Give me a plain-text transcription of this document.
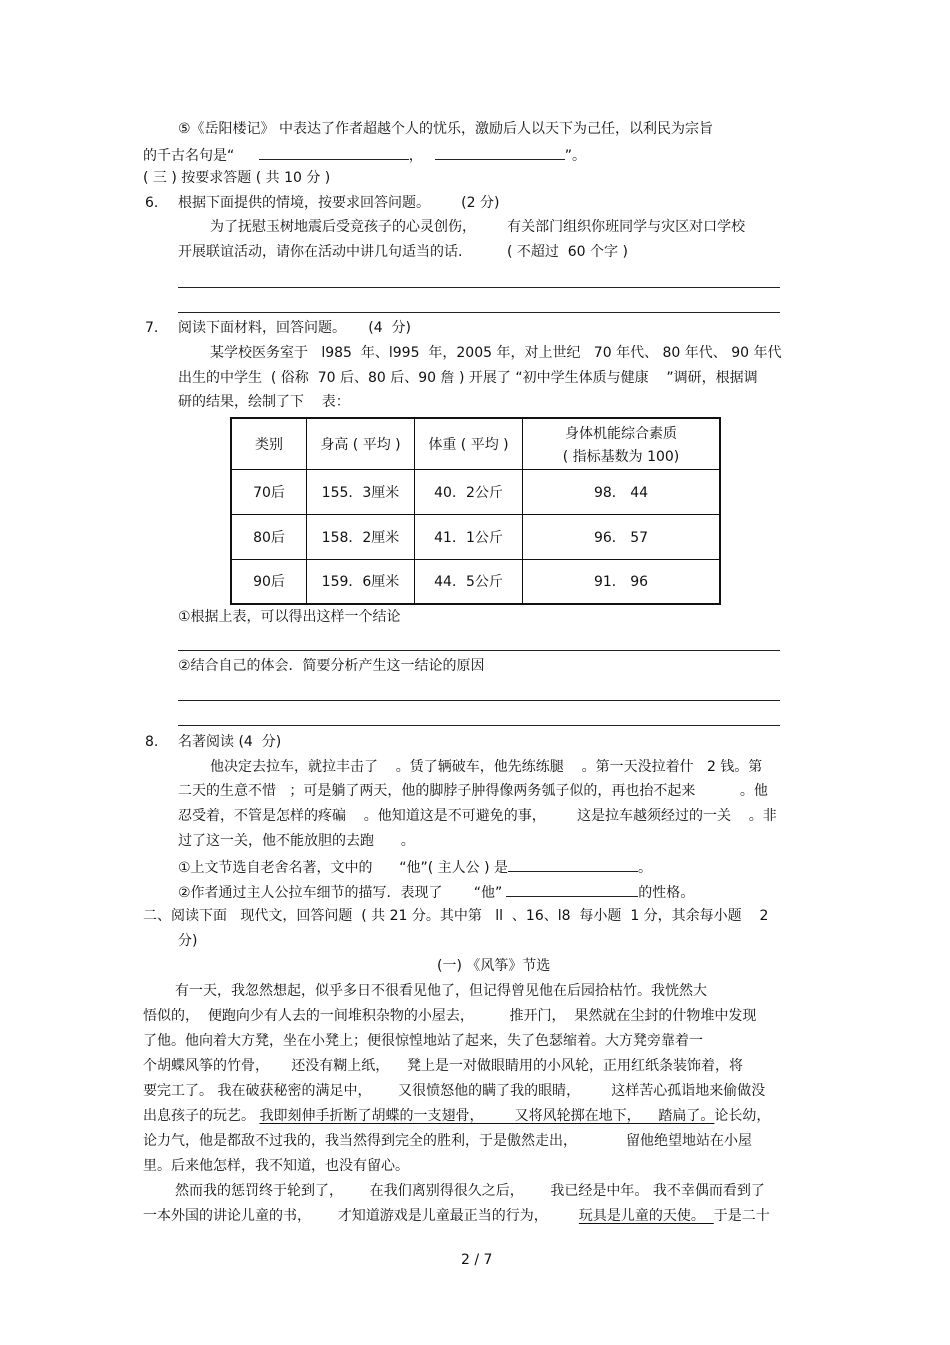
⑤《岳阳楼记》 中表达了作者超越个人的忧乐，激励后人以天下为己任，以利民为宗旨
的千古名句是“	，	”。
( 三 ) 按要求答题 ( 共 10 分 )
6. 根据下面提供的情境，按要求回答问题。       (2 分)
为了抚慰玉树地震后受竞孩子的心灵创伤，       有关部门组织你班同学与灾区对口学校
开展联谊活动，请你在活动中讲几句适当的话.          ( 不超过  60 个字 )
7. 阅读下面材料，回答问题。     (4  分)
某学校医务室于   l985  年、l995  年，2005 年，对上世纪   70 年代、 80 年代、 90 年代
出生的中学生  ( 俗称  70 后、80 后、90 詹 ) 开展了 “初中学生体质与健康    ”调研，根据调
研的结果，绘制了下    表：
类别	身高 ( 平均 )	体重 ( 平均 )	身体机能综合素质
( 指标基数为 100)

70后	155．3厘米	40．2公斤	98． 44
80后	158．2厘米	41．1公斤	96． 57
90后	159．6厘米	44．5公斤	91． 96
①根据上表，可以得出这样一个结论
②结合自己的体会．简要分析产生这一结论的原因
8. 名著阅读 (4  分)
他决定去拉车，就拉丰击了    。赁了辆破车，他先练练腿    。第一天没拉着什   2 钱。第
二天的生意不惜   ；可是躺了两天，他的脚脖子肿得像两务瓠子似的，再也抬不起来          。他
忍受着，不管是怎样的疼碥    。他知道这是不可避免的事，       这是拉车越须经过的一关    。非
过了这一关，他不能放胆的去跑      。
①上文节选自老舍名著，文中的      “他”( 主人公 ) 是	。
②作者通过主人公拉车细节的描写．表现了       “他”	的性格。
二、阅读下面   现代文，回答问题  ( 共 21 分。其中第   ll  、16、l8  每小题  1 分，其余每小题    2
分)
(一) 《风筝》节选
有一天，我忽然想起，似乎多日不很看见他了，但记得曾见他在后园拾枯竹。我恍然大
悟似的，  便跑向少有人去的一间堆积杂物的小屋去，        推开门，  果然就在尘封的什物堆中发现
了他。他向着大方凳，坐在小凳上；便很惊惶地站了起来，失了色瑟缩着。大方凳旁靠着一
个胡蝶风筝的竹骨，     还没有糊上纸，    凳上是一对做眼睛用的小风轮，正用红纸条装饰着，将
要完工了。 我在破获秘密的满足中，      又很愤怒他的瞒了我的眼睛，       这样苦心孤诣地来偷做没
出息孩子的玩艺。 我即刻伸手折断了胡蝶的一支翅骨，       又将风轮掷在地下，    踏扁了。论长幼，
论力气，他是都敌不过我的，我当然得到完全的胜利，于是傲然走出，           留他绝望地站在小屋
里。后来他怎样，我不知道，也没有留心。
然而我的惩罚终于轮到了，      在我们离别得很久之后，      我已经是中年。 我不幸偶而看到了
一本外国的讲论儿童的书，      才知道游戏是儿童最正当的行为，       玩具是儿童的天使。  于是二十
2 / 7
